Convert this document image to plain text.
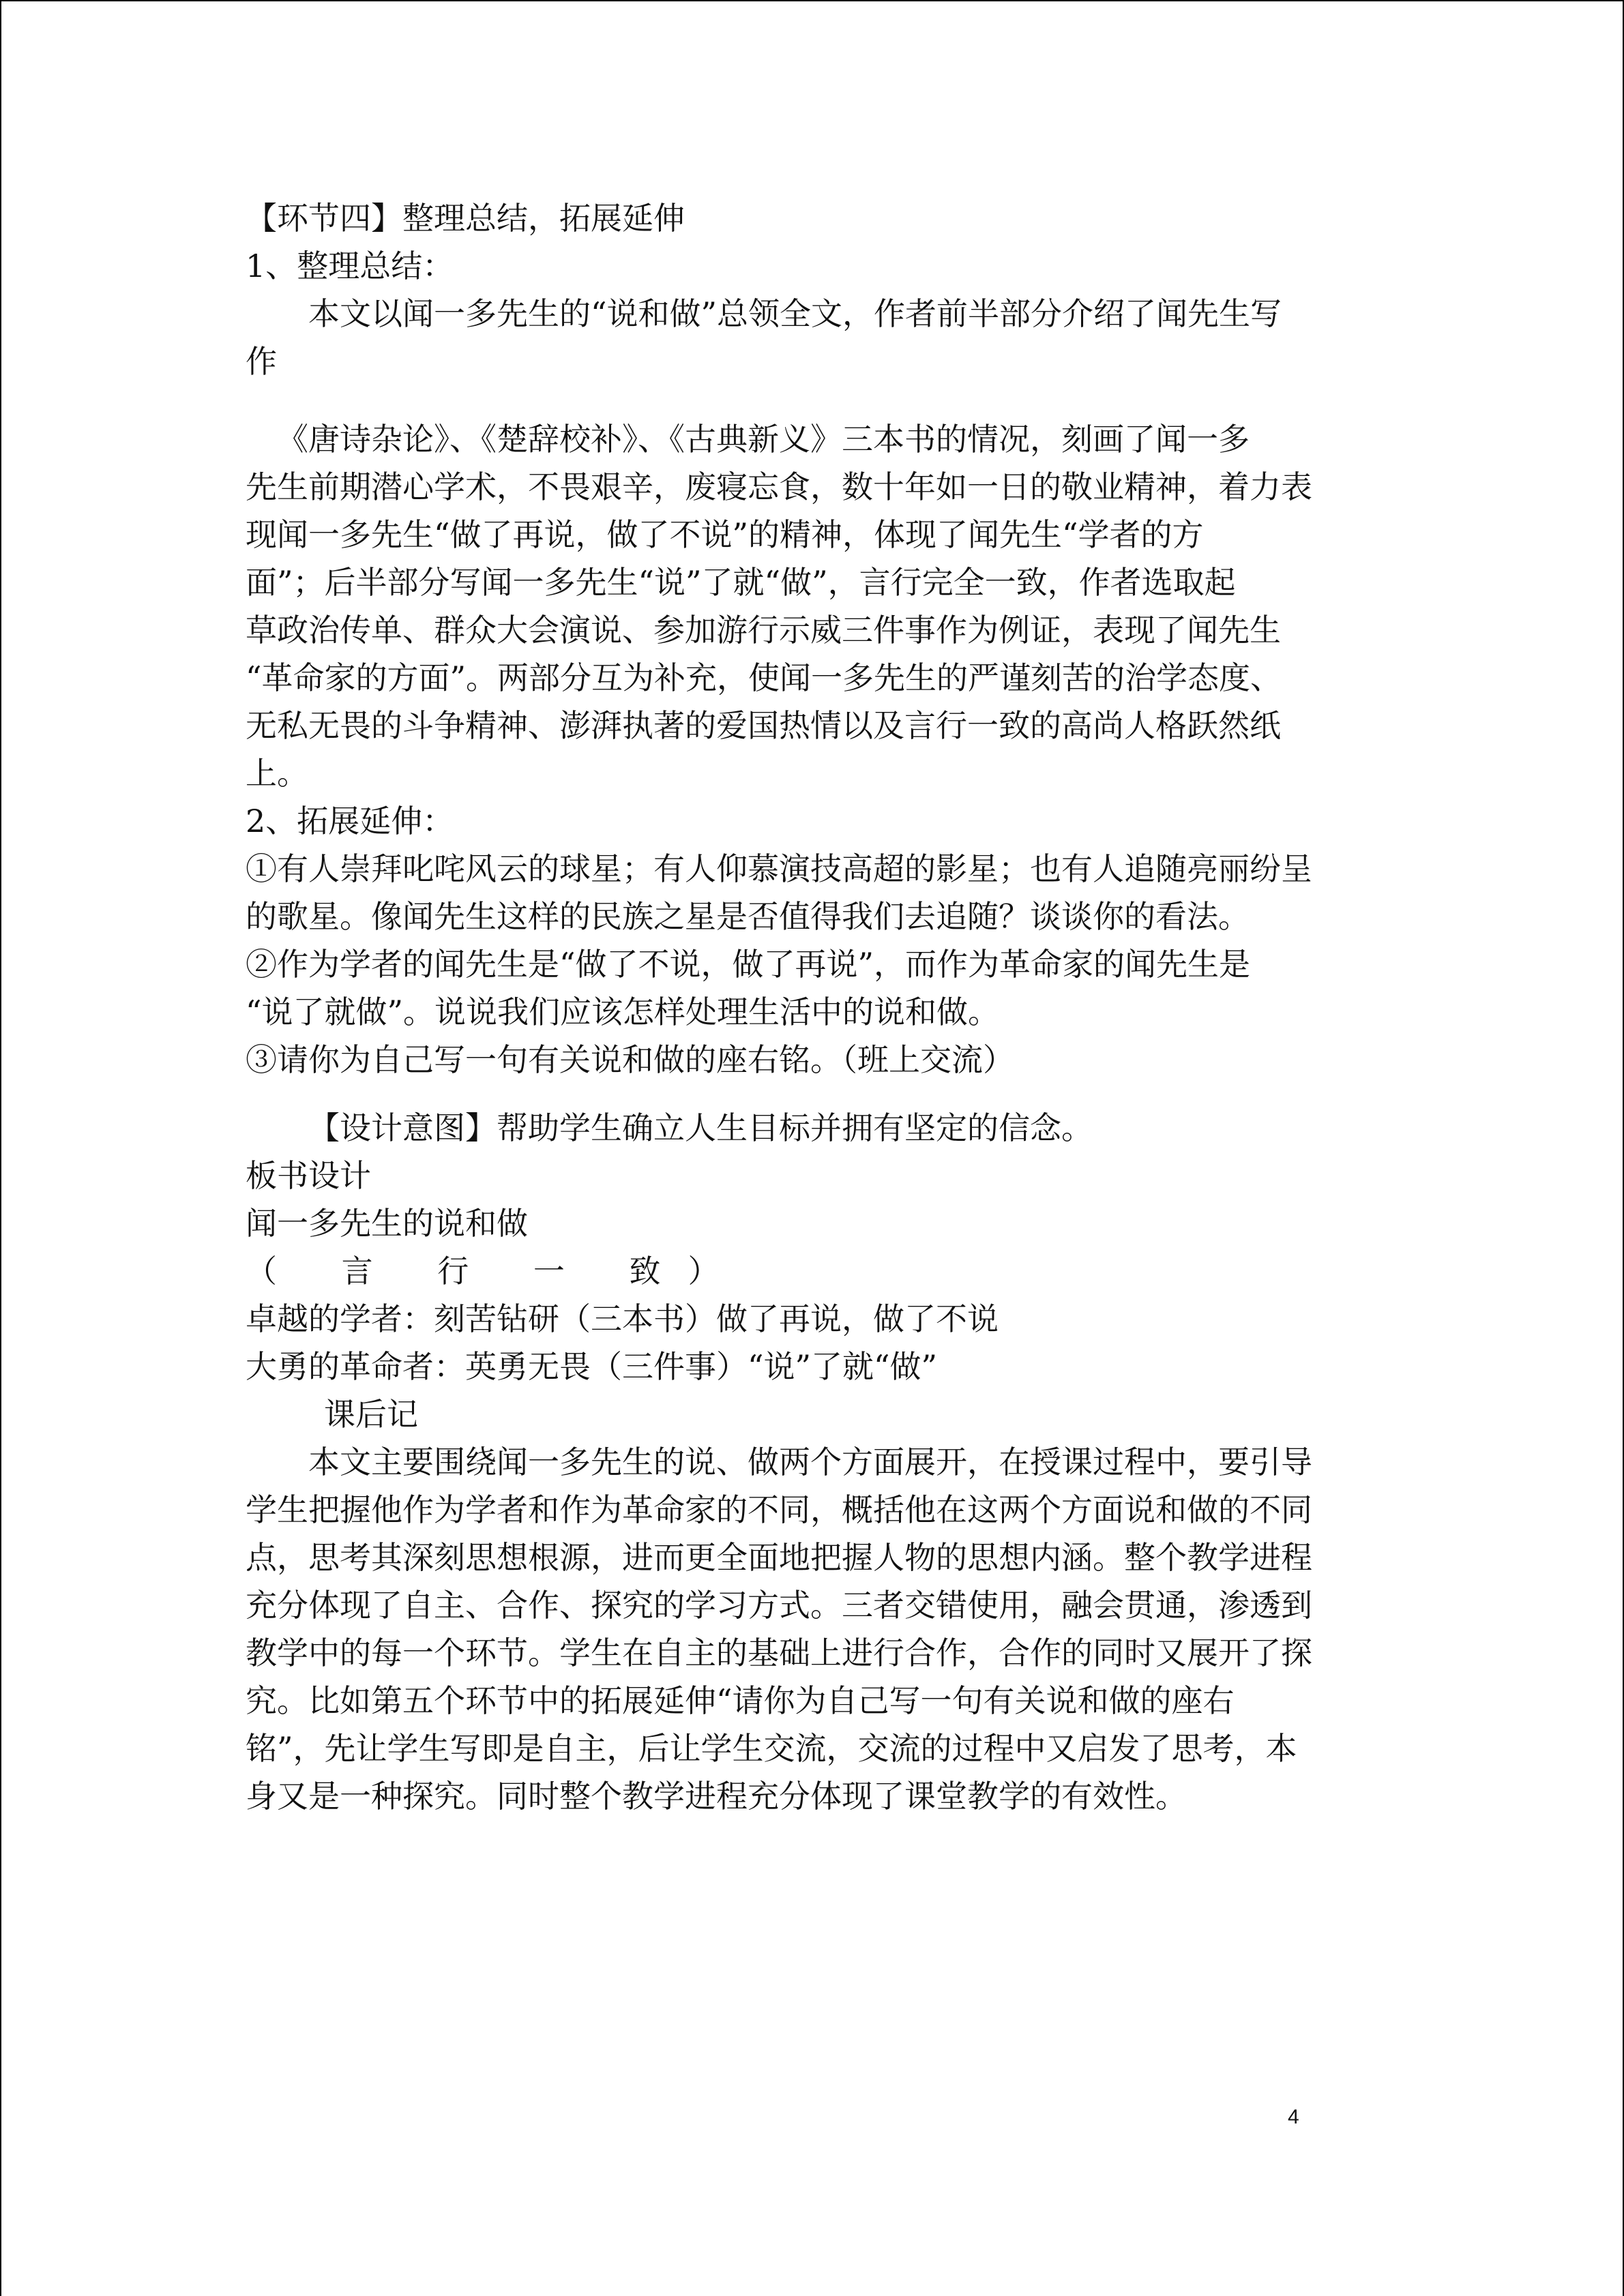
【环节四】整理总结，拓展延伸
1、整理总结：
本文以闻一多先生的“说和做”总领全文，作者前半部分介绍了闻先生写
作
《唐诗杂论》、《楚辞校补》、《古典新义》三本书的情况，刻画了闻一多
先生前期潜心学术，不畏艰辛，废寝忘食，数十年如一日的敬业精神，着力表
现闻一多先生“做了再说，做了不说”的精神，体现了闻先生“学者的方
面”；后半部分写闻一多先生“说”了就“做”，言行完全一致，作者选取起
草政治传单、群众大会演说、参加游行示威三件事作为例证，表现了闻先生
“革命家的方面”。两部分互为补充，使闻一多先生的严谨刻苦的治学态度、
无私无畏的斗争精神、澎湃执著的爱国热情以及言行一致的高尚人格跃然纸
上。
2、拓展延伸：
①有人崇拜叱咤风云的球星；有人仰慕演技高超的影星；也有人追随亮丽纷呈
的歌星。像闻先生这样的民族之星是否值得我们去追随？谈谈你的看法。
②作为学者的闻先生是“做了不说，做了再说”，而作为革命家的闻先生是
“说了就做”。说说我们应该怎样处理生活中的说和做。
③请你为自己写一句有关说和做的座右铭。（班上交流）
【设计意图】帮助学生确立人生目标并拥有坚定的信念。
板书设计
闻一多先生的说和做
（ 言 行 一 致）
卓越的学者：刻苦钻研（三本书）做了再说，做了不说
大勇的革命者：英勇无畏（三件事）“说”了就“做”
课后记
本文主要围绕闻一多先生的说、做两个方面展开，在授课过程中，要引导
学生把握他作为学者和作为革命家的不同，概括他在这两个方面说和做的不同
点，思考其深刻思想根源，进而更全面地把握人物的思想内涵。整个教学进程
充分体现了自主、合作、探究的学习方式。三者交错使用，融会贯通，渗透到
教学中的每一个环节。学生在自主的基础上进行合作，合作的同时又展开了探
究。比如第五个环节中的拓展延伸“请你为自己写一句有关说和做的座右
铭”，先让学生写即是自主，后让学生交流，交流的过程中又启发了思考，本
身又是一种探究。同时整个教学进程充分体现了课堂教学的有效性。
4
